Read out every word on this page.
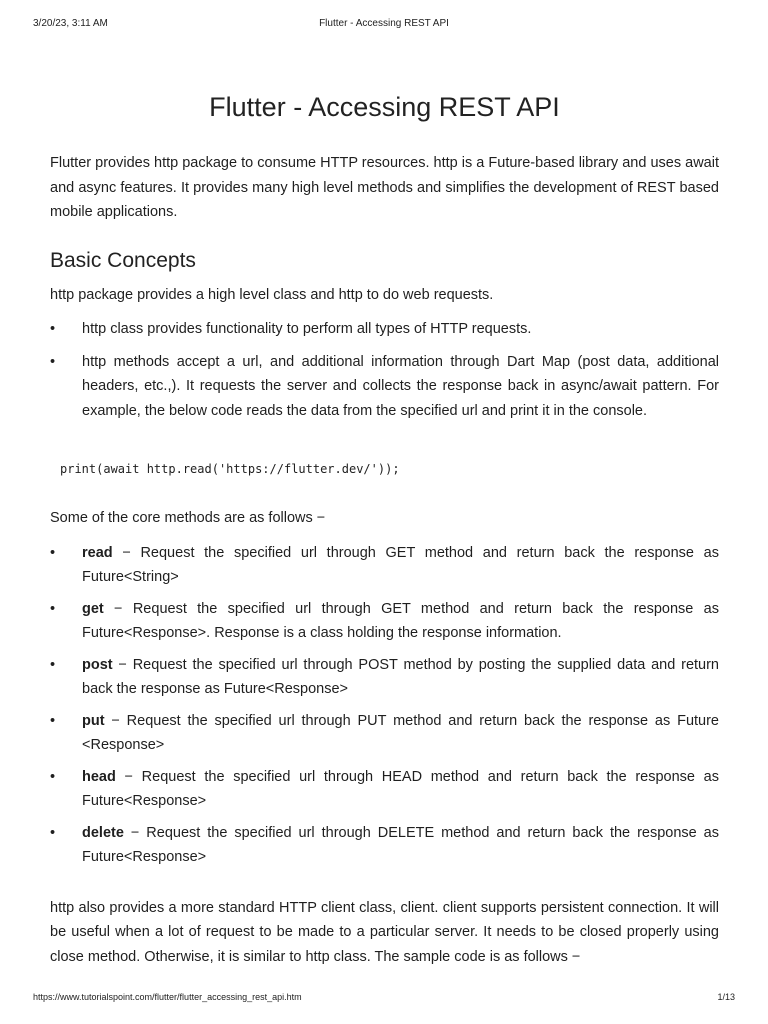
3/20/23, 3:11 AM	Flutter - Accessing REST API
Flutter - Accessing REST API

Flutter provides http package to consume HTTP resources. http is a Future-based library and uses await and async features. It provides many high level methods and simplifies the development of REST based mobile applications.

Basic Concepts

http package provides a high level class and http to do web requests.

•	http class provides functionality to perform all types of HTTP requests.
•	http methods accept a url, and additional information through Dart Map (post data, additional headers, etc.,). It requests the server and collects the response back in async/await pattern. For example, the below code reads the data from the specified url and print it in the console.
print(await http.read('https://flutter.dev/'));

Some of the core methods are as follows −

•	read − Request the specified url through GET method and return back the response as Future<String>
•	get − Request the specified url through GET method and return back the response as Future<Response>. Response is a class holding the response information.
•	post − Request the specified url through POST method by posting the supplied data and return back the response as Future<Response>
•	put − Request the specified url through PUT method and return back the response as Future <Response>
•	head − Request the specified url through HEAD method and return back the response as Future<Response>
•	delete − Request the specified url through DELETE method and return back the response as Future<Response>

http also provides a more standard HTTP client class, client. client supports persistent connection. It will be useful when a lot of request to be made to a particular server. It needs to be closed properly using close method. Otherwise, it is similar to http class. The sample code is as follows −

https://www.tutorialspoint.com/flutter/flutter_accessing_rest_api.htm	1/13
